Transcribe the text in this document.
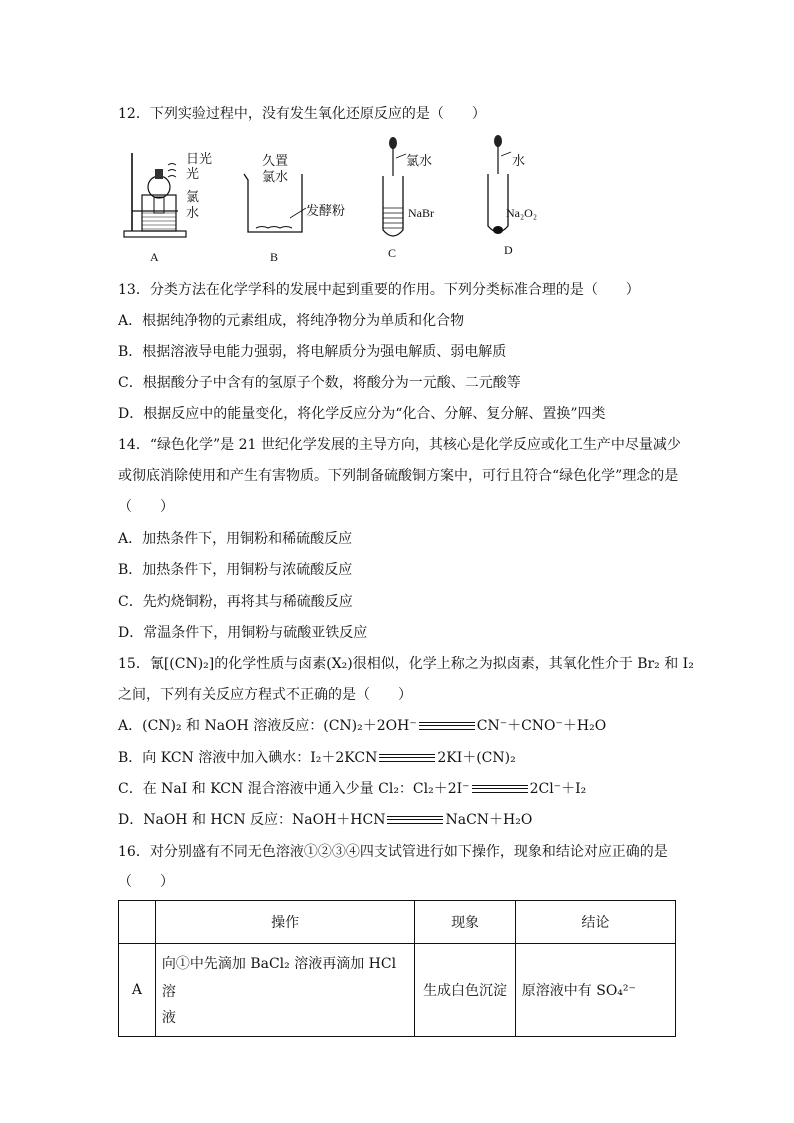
12．下列实验过程中，没有发生氧化还原反应的是（　　）
日光
光
氯
水
A
久置
氯水
发酵粉
B
氯水
NaBr
C
水
Na₂O₂
D
13．分类方法在化学学科的发展中起到重要的作用。下列分类标准合理的是（　　）
A．根据纯净物的元素组成，将纯净物分为单质和化合物
B．根据溶液导电能力强弱，将电解质分为强电解质、弱电解质
C．根据酸分子中含有的氢原子个数，将酸分为一元酸、二元酸等
D．根据反应中的能量变化，将化学反应分为“化合、分解、复分解、置换”四类
14．“绿色化学”是 21 世纪化学发展的主导方向，其核心是化学反应或化工生产中尽量减少
或彻底消除使用和产生有害物质。下列制备硫酸铜方案中，可行且符合“绿色化学”理念的是
（　　）
A．加热条件下，用铜粉和稀硫酸反应
B．加热条件下，用铜粉与浓硫酸反应
C．先灼烧铜粉，再将其与稀硫酸反应
D．常温条件下，用铜粉与硫酸亚铁反应
15．氰[(CN)₂]的化学性质与卤素(X₂)很相似，化学上称之为拟卤素，其氧化性介于 Br₂ 和 I₂
之间，下列有关反应方程式不正确的是（　　）
A．(CN)₂ 和 NaOH 溶液反应：(CN)₂＋2OH⁻	CN⁻＋CNO⁻＋H₂O
B．向 KCN 溶液中加入碘水：I₂＋2KCN	2KI＋(CN)₂
C．在 NaI 和 KCN 混合溶液中通入少量 Cl₂：Cl₂＋2I⁻	2Cl⁻＋I₂
D．NaOH 和 HCN 反应：NaOH＋HCN	NaCN＋H₂O
16．对分别盛有不同无色溶液①②③④四支试管进行如下操作，现象和结论对应正确的是
（　　）
	操作	现象	结论
A	向①中先滴加 BaCl₂ 溶液再滴加 HCl 溶
液	生成白色沉淀	原溶液中有 SO₄²⁻
